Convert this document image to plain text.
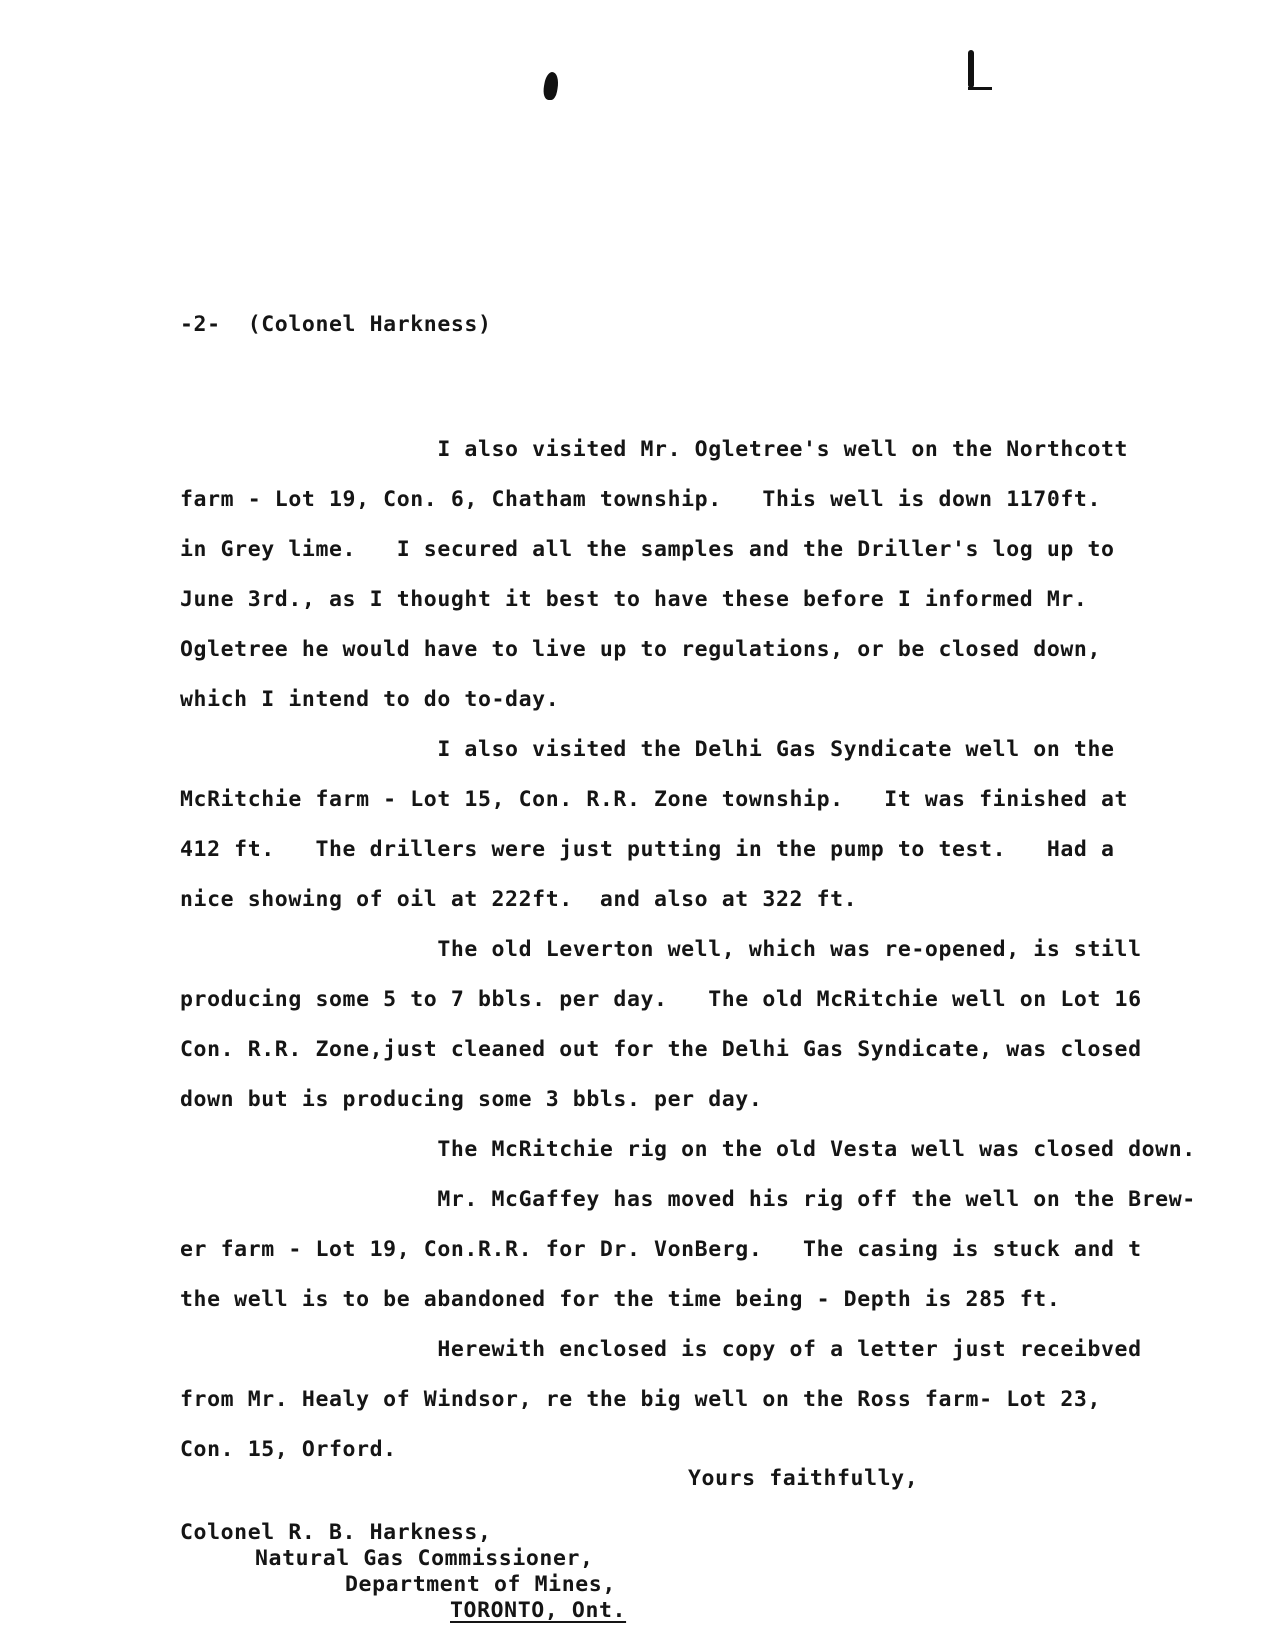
-2-  (Colonel Harkness)
I also visited Mr. Ogletree's well on the Northcott
farm - Lot 19, Con. 6, Chatham township.   This well is down 1170ft.
in Grey lime.   I secured all the samples and the Driller's log up to
June 3rd., as I thought it best to have these before I informed Mr.
Ogletree he would have to live up to regulations, or be closed down,
which I intend to do to-day.
I also visited the Delhi Gas Syndicate well on the
McRitchie farm - Lot 15, Con. R.R. Zone township.   It was finished at
412 ft.   The drillers were just putting in the pump to test.   Had a
nice showing of oil at 222ft.  and also at 322 ft.
The old Leverton well, which was re-opened, is still
producing some 5 to 7 bbls. per day.   The old McRitchie well on Lot 16
Con. R.R. Zone,just cleaned out for the Delhi Gas Syndicate, was closed
down but is producing some 3 bbls. per day.
The McRitchie rig on the old Vesta well was closed down.
Mr. McGaffey has moved his rig off the well on the Brew-
er farm - Lot 19, Con.R.R. for Dr. VonBerg.   The casing is stuck and t
the well is to be abandoned for the time being - Depth is 285 ft.
Herewith enclosed is copy of a letter just receibved
from Mr. Healy of Windsor, re the big well on the Ross farm- Lot 23,
Con. 15, Orford.
Yours faithfully,
Colonel R. B. Harkness,
Natural Gas Commissioner,
Department of Mines,
TORONTO, Ont.
